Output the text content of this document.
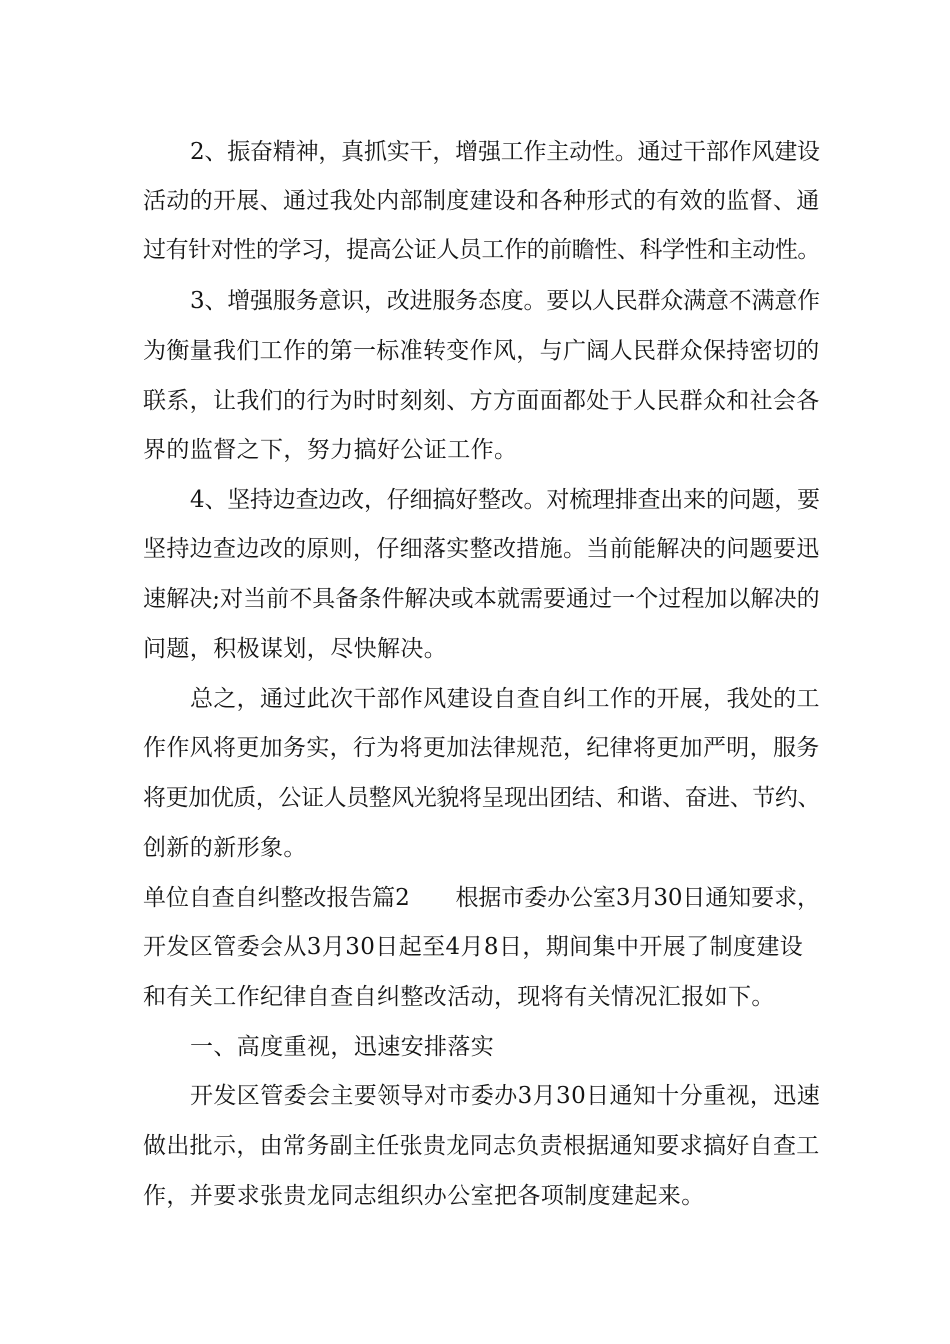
2、振奋精神，真抓实干，增强工作主动性。通过干部作风建设
活动的开展、通过我处内部制度建设和各种形式的有效的监督、通
过有针对性的学习，提高公证人员工作的前瞻性、科学性和主动性。
3、增强服务意识，改进服务态度。要以人民群众满意不满意作
为衡量我们工作的第一标准转变作风，与广阔人民群众保持密切的
联系，让我们的行为时时刻刻、方方面面都处于人民群众和社会各
界的监督之下，努力搞好公证工作。
4、坚持边查边改，仔细搞好整改。对梳理排查出来的问题，要
坚持边查边改的原则，仔细落实整改措施。当前能解决的问题要迅
速解决;对当前不具备条件解决或本就需要通过一个过程加以解决的
问题，积极谋划，尽快解决。
总之，通过此次干部作风建设自查自纠工作的开展，我处的工
作作风将更加务实，行为将更加法律规范，纪律将更加严明，服务
将更加优质，公证人员整风光貌将呈现出团结、和谐、奋进、节约、
创新的新形象。
单位自查自纠整改报告篇2　　根据市委办公室3月30日通知要求，
开发区管委会从3月30日起至4月8日，期间集中开展了制度建设
和有关工作纪律自查自纠整改活动，现将有关情况汇报如下。
一、高度重视，迅速安排落实
开发区管委会主要领导对市委办3月30日通知十分重视，迅速
做出批示，由常务副主任张贵龙同志负责根据通知要求搞好自查工
作，并要求张贵龙同志组织办公室把各项制度建起来。
